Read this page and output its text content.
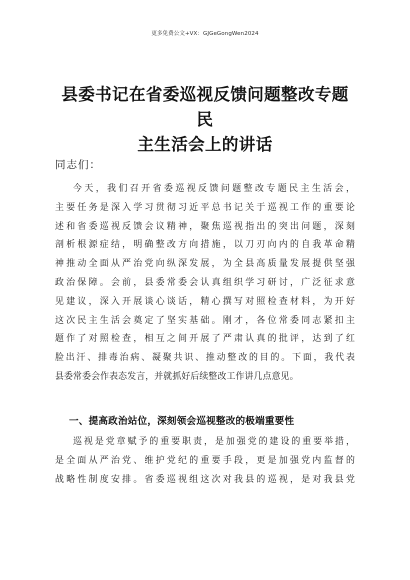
更多免费公文+VX：GJGeGongWen2024
县委书记在省委巡视反馈问题整改专题民
主生活会上的讲话
同志们：
今天，我们召开省委巡视反馈问题整改专题民主生活会，
主要任务是深入学习贯彻习近平总书记关于巡视工作的重要论
述和省委巡视反馈会议精神，聚焦巡视指出的突出问题，深刻
剖析根源症结，明确整改方向措施，以刀刃向内的自我革命精
神推动全面从严治党向纵深发展，为全县高质量发展提供坚强
政治保障。会前，县委常委会认真组织学习研讨，广泛征求意
见建议，深入开展谈心谈话，精心撰写对照检查材料，为开好
这次民主生活会奠定了坚实基础。刚才，各位常委同志紧扣主
题作了对照检查，相互之间开展了严肃认真的批评，达到了红
脸出汗、排毒治病、凝聚共识、推动整改的目的。下面，我代表
县委常委会作表态发言，并就抓好后续整改工作讲几点意见。
一、提高政治站位，深刻领会巡视整改的极端重要性
巡视是党章赋予的重要职责，是加强党的建设的重要举措，
是全面从严治党、维护党纪的重要手段，更是加强党内监督的
战略性制度安排。省委巡视组这次对我县的巡视，是对我县党
